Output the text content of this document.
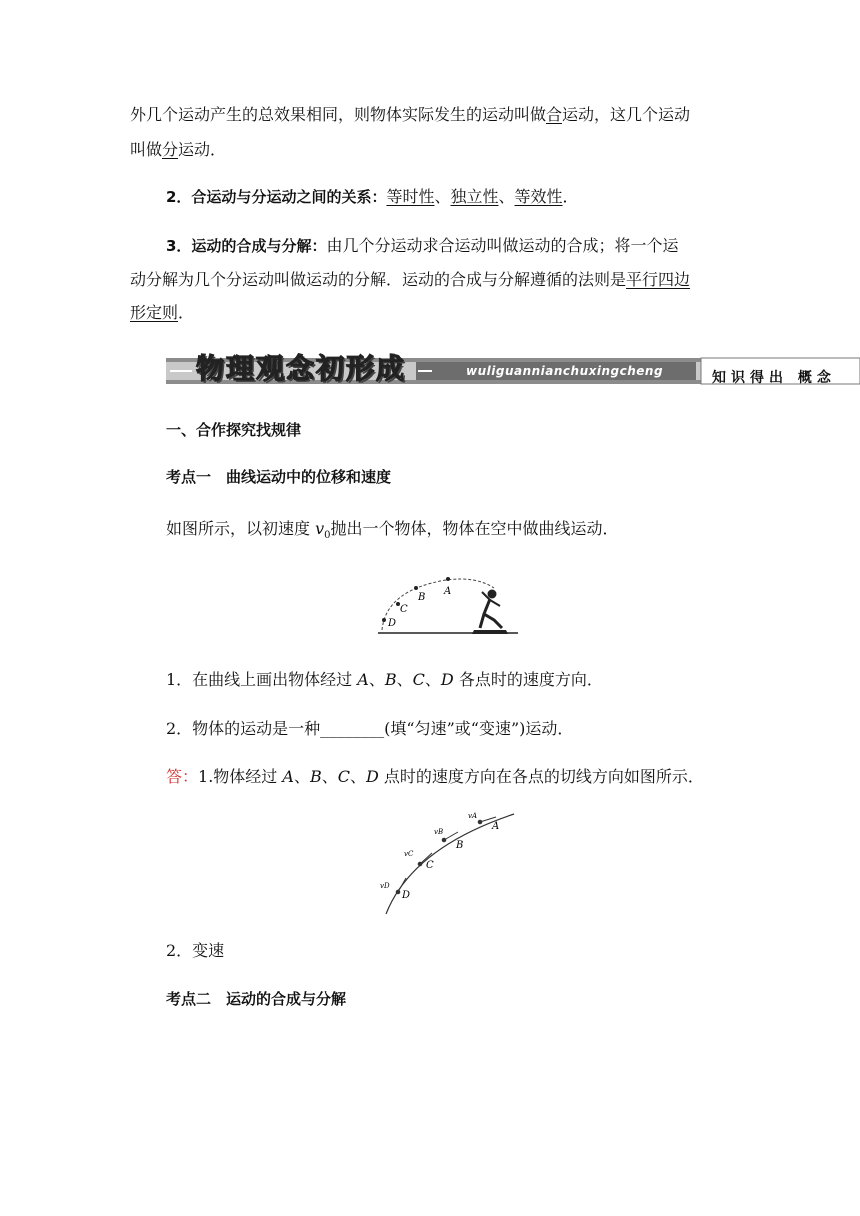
外几个运动产生的总效果相同，则物体实际发生的运动叫做合运动，这几个运动
叫做分运动．
2．合运动与分运动之间的关系：等时性、独立性、等效性．
3．运动的合成与分解：由几个分运动求合运动叫做运动的合成；将一个运
动分解为几个分运动叫做运动的分解．运动的合成与分解遵循的法则是平行四边
形定则．
物理观念初形成	wuliguannianchuxingcheng	知识得出 概念
一、合作探究找规律
考点一　曲线运动中的位移和速度
如图所示，以初速度 $v_0$抛出一个物体，物体在空中做曲线运动．
A
B
C
D
1．在曲线上画出物体经过 A、B、C、D 各点时的速度方向．
2．物体的运动是一种________(填“匀速”或“变速”)运动．
答：1.物体经过 A、B、C、D 点时的速度方向在各点的切线方向如图所示．
A
B
C
D
vA
vB
vC
vD
2．变速
考点二　运动的合成与分解
